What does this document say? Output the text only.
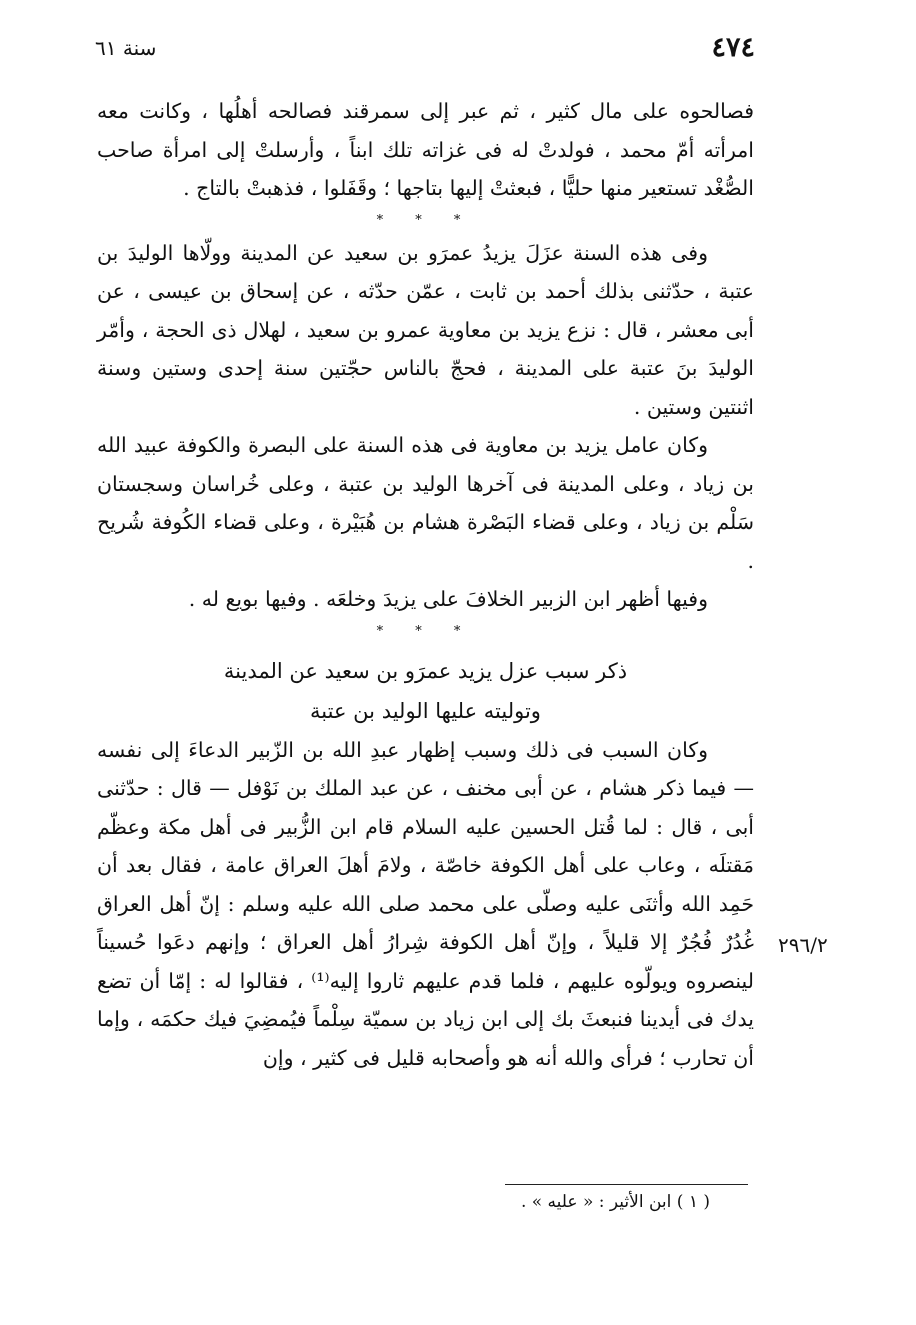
٤٧٤
سنة ٦١

فصالحوه على مال كثير ، ثم عبر إلى سمرقند فصالحه أهلُها ، وكانت معه امرأته أمّ محمد ، فولدتْ له فى غزاته تلك ابناً ، وأرسلتْ إلى امرأة صاحب الصُّغْد تستعير منها حليًّا ، فبعثتْ إليها بتاجها ؛ وقَفَلوا ، فذهبتْ بالتاج .

* * *

وفى هذه السنة عزَلَ يزيدُ عمرَو بن سعيد عن المدينة وولّاها الوليدَ بن عتبة ، حدّثنى بذلك أحمد بن ثابت ، عمّن حدّثه ، عن إسحاق بن عيسى ، عن أبى معشر ، قال : نزع يزيد بن معاوية عمرو بن سعيد ، لهلال ذى الحجة ، وأمّر الوليدَ بنَ عتبة على المدينة ، فحجّ بالناس حجّتين سنة إحدى وستين وسنة اثنتين وستين .

وكان عامل يزيد بن معاوية فى هذه السنة على البصرة والكوفة عبيد الله بن زياد ، وعلى المدينة فى آخرها الوليد بن عتبة ، وعلى خُراسان وسجستان سَلْم بن زياد ، وعلى قضاء البَصْرة هشام بن هُبَيْرة ، وعلى قضاء الكُوفة شُريح .

وفيها أظهر ابن الزبير الخلافَ على يزيدَ وخلعَه . وفيها بويع له .

* * *

ذكر سبب عزل يزيد عمرَو بن سعيد عن المدينة

وتوليته عليها الوليد بن عتبة

وكان السبب فى ذلك وسبب إظهار عبدِ الله بن الزّبير الدعاءَ إلى نفسه — فيما ذكر هشام ، عن أبى مخنف ، عن عبد الملك بن نَوْفل — قال : حدّثنى أبى ، قال : لما قُتل الحسين عليه السلام قام ابن الزُّبير فى أهل مكة وعظّم مَقتلَه ، وعاب على أهل الكوفة خاصّة ، ولامَ أهلَ العراق عامة ، فقال بعد أن حَمِد الله وأثنَى عليه وصلّى على محمد صلى الله عليه وسلم : إنّ أهل العراق غُدُرٌ فُجُرٌ إلا قليلاً ، وإنّ أهل الكوفة شِرارُ أهل العراق ؛ وإنهم دعَوا حُسيناً لينصروه ويولّوه عليهم ، فلما قدم عليهم ثاروا إليه⁽¹⁾ ، فقالوا له : إمّا أن تضع يدك فى أيدينا فنبعثَ بك إلى ابن زياد بن سميّة سِلْماً فيُمضِيَ فيك حكمَه ، وإما أن تحارب ؛ فرأى والله أنه هو وأصحابه قليل فى كثير ، وإن

٢٩٦/٢
( ١ ) ابن الأثير : « عليه » .
